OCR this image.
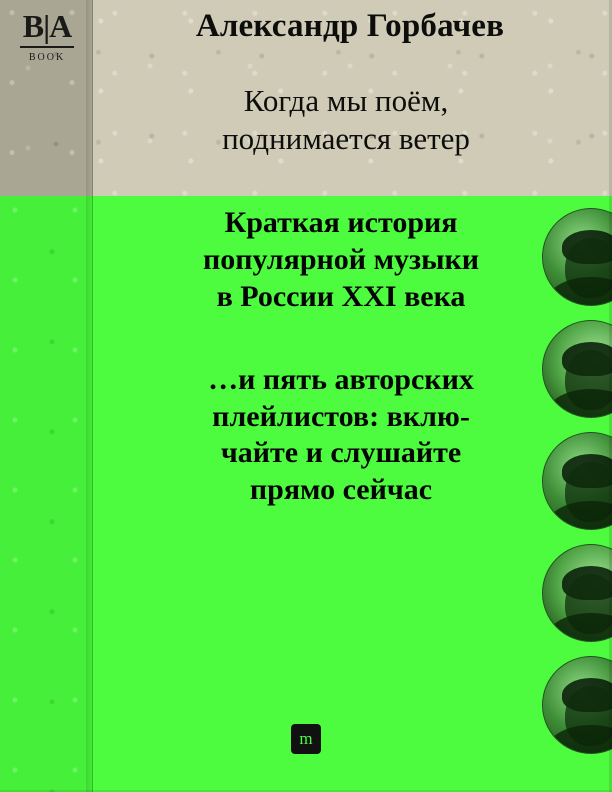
B|A
BOOK
Александр Горбачев
Когда мы поём,
поднимается ветер
Краткая история
популярной музыки
в России XXI века
…и пять авторских
плейлистов: вклю-
чайте и слушайте
прямо сейчас
m
